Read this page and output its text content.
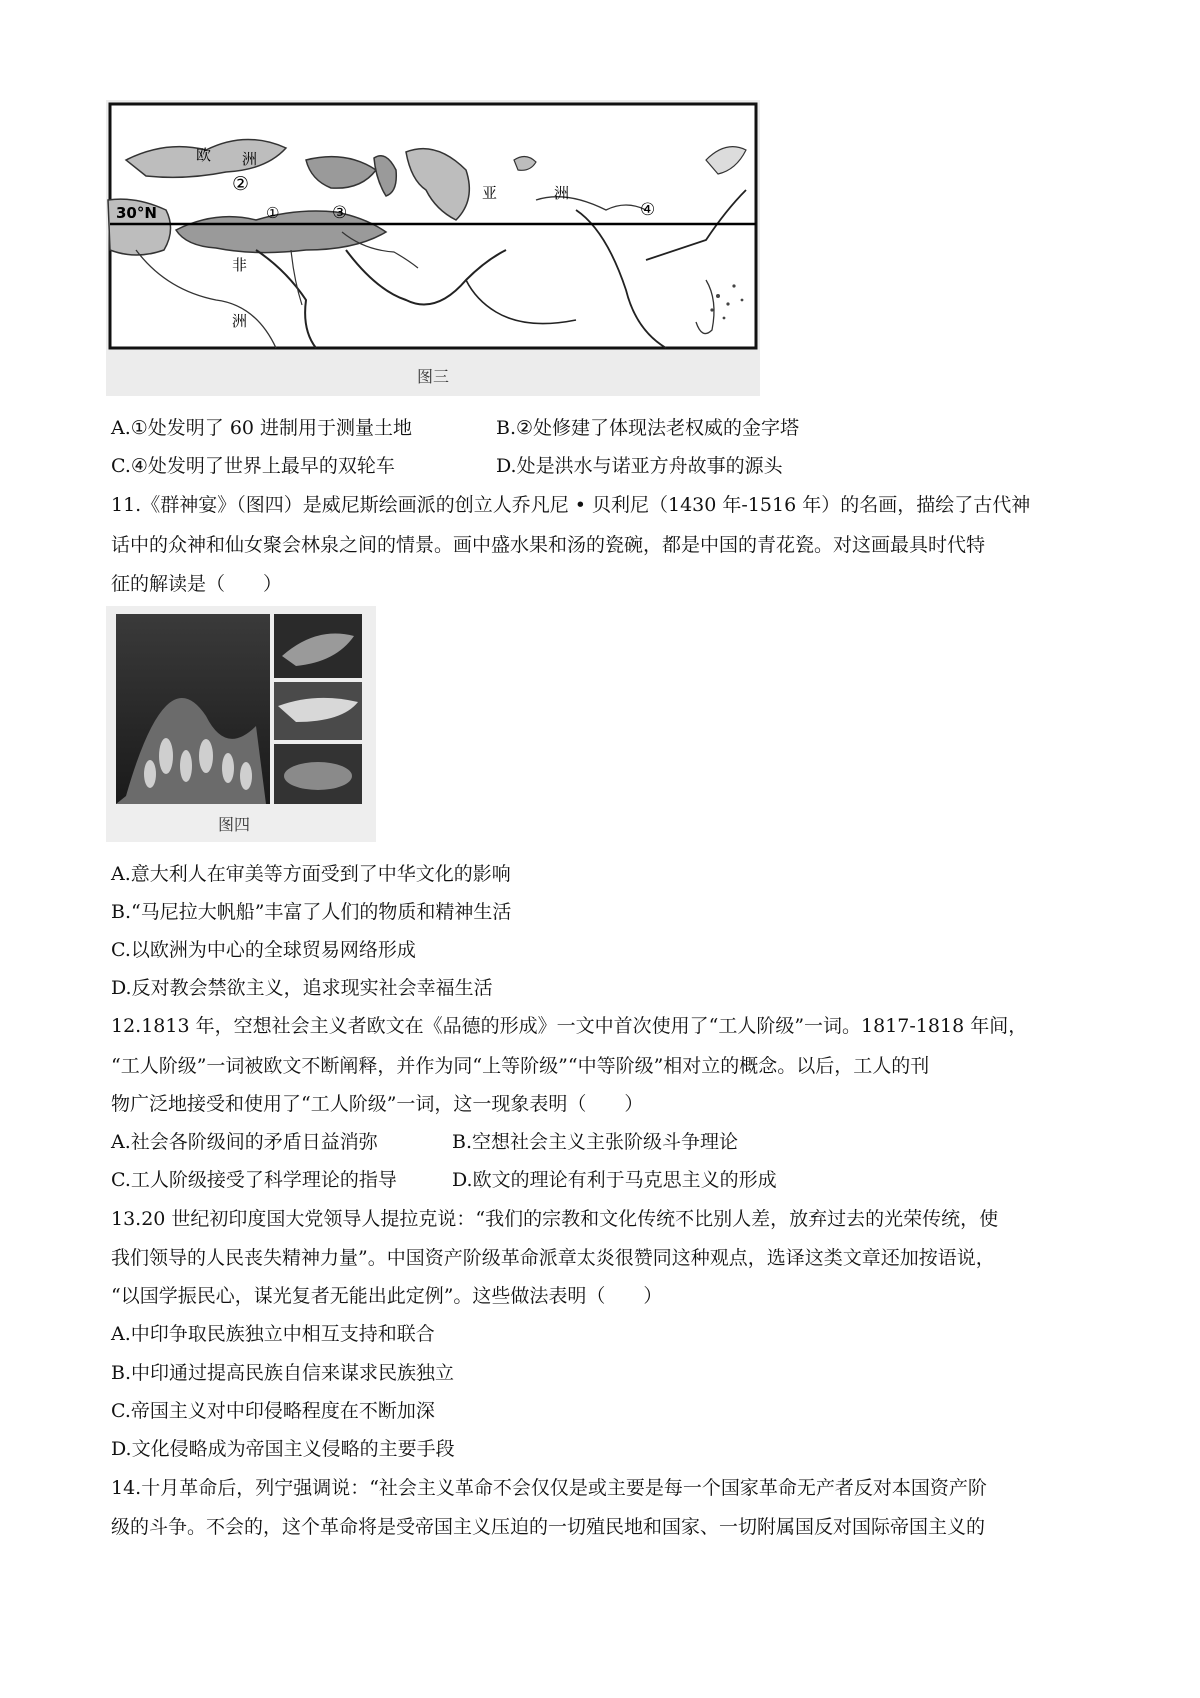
欧 洲
亚	洲
非
洲
30°N	①
②
③	④
图三
A.①处发明了 60 进制用于测量土地	B.②处修建了体现法老权威的金字塔
C.④处发明了世界上最早的双轮车	D.处是洪水与诺亚方舟故事的源头
11.《群神宴》（图四）是威尼斯绘画派的创立人乔凡尼 • 贝利尼（1430 年-1516 年）的名画，描绘了古代神
话中的众神和仙女聚会林泉之间的情景。画中盛水果和汤的瓷碗，都是中国的青花瓷。对这画最具时代特
征的解读是（　　）
图四
A.意大利人在审美等方面受到了中华文化的影响
B.“马尼拉大帆船”丰富了人们的物质和精神生活
C.以欧洲为中心的全球贸易网络形成
D.反对教会禁欲主义，追求现实社会幸福生活
12.1813 年，空想社会主义者欧文在《品德的形成》一文中首次使用了“工人阶级”一词。1817-1818 年间，
“工人阶级”一词被欧文不断阐释，并作为同“上等阶级”“中等阶级”相对立的概念。以后，工人的刊
物广泛地接受和使用了“工人阶级”一词，这一现象表明（　　）
A.社会各阶级间的矛盾日益消弥	B.空想社会主义主张阶级斗争理论
C.工人阶级接受了科学理论的指导	D.欧文的理论有利于马克思主义的形成
13.20 世纪初印度国大党领导人提拉克说：“我们的宗教和文化传统不比别人差，放弃过去的光荣传统，使
我们领导的人民丧失精神力量”。中国资产阶级革命派章太炎很赞同这种观点，选译这类文章还加按语说，
“以国学振民心，谋光复者无能出此定例”。这些做法表明（　　）
A.中印争取民族独立中相互支持和联合
B.中印通过提高民族自信来谋求民族独立
C.帝国主义对中印侵略程度在不断加深
D.文化侵略成为帝国主义侵略的主要手段
14.十月革命后，列宁强调说：“社会主义革命不会仅仅是或主要是每一个国家革命无产者反对本国资产阶
级的斗争。不会的，这个革命将是受帝国主义压迫的一切殖民地和国家、一切附属国反对国际帝国主义的
